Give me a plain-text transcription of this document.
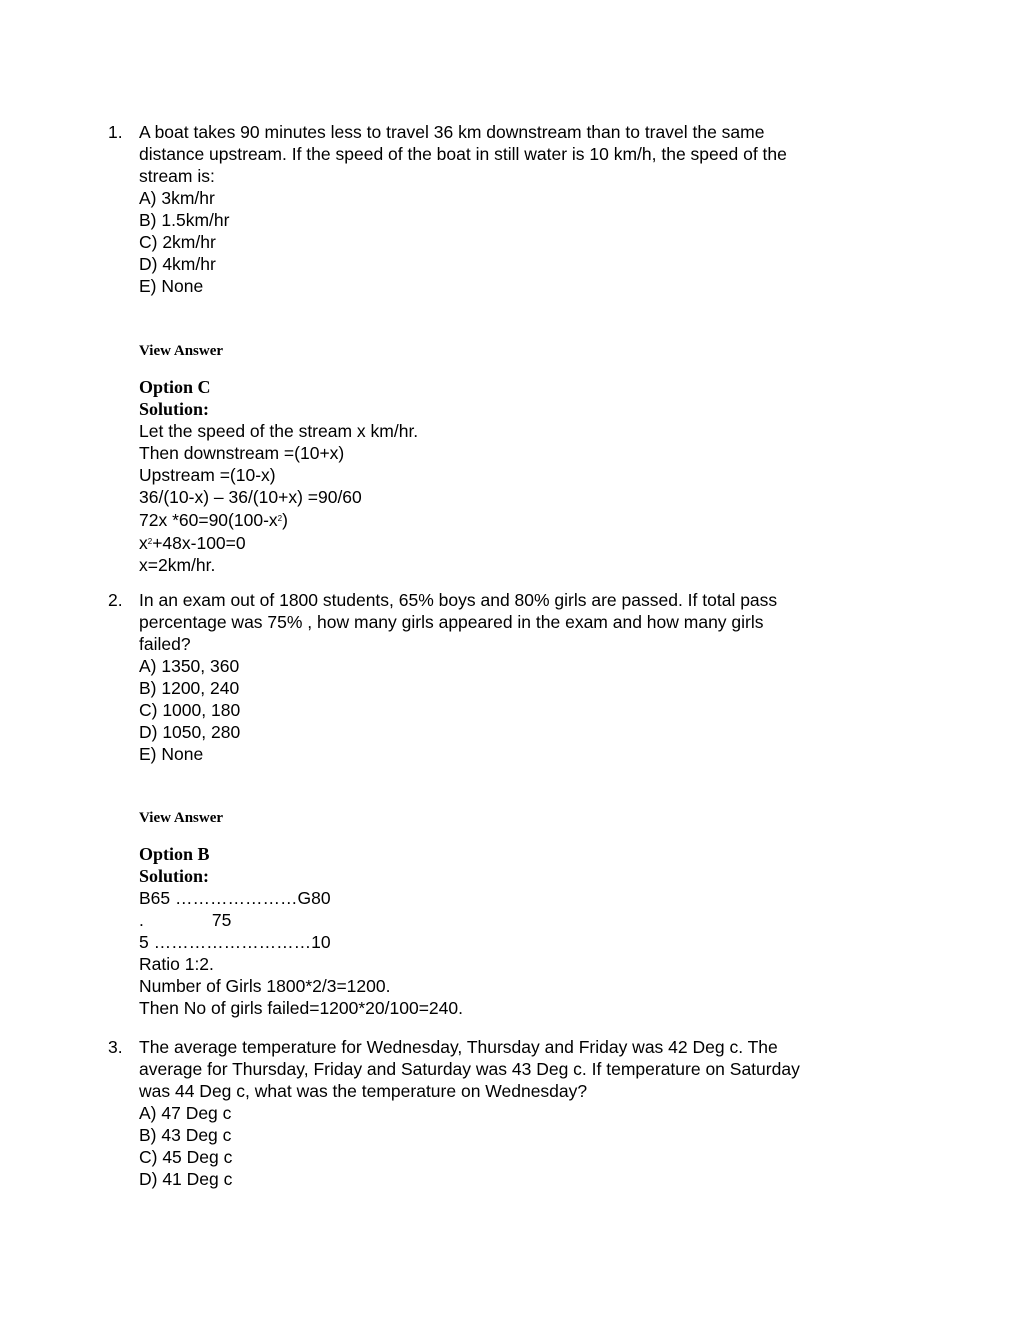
1. A boat takes 90 minutes less to travel 36 km downstream than to travel the same
distance upstream. If the speed of the boat in still water is 10 km/h, the speed of the
stream is:
A) 3km/hr
B) 1.5km/hr
C) 2km/hr
D) 4km/hr
E) None
View Answer
Option C
Solution:
Let the speed of the stream x km/hr.
Then downstream =(10+x)
Upstream =(10-x)
36/(10-x) – 36/(10+x) =90/60
72x $*60=90(100-x^2)$
$x^2+48x-100=0$
x=2km/hr.
2. In an exam out of 1800 students, 65% boys and 80% girls are passed. If total pass
percentage was 75% , how many girls appeared in the exam and how many girls
failed?
A) 1350, 360
B) 1200, 240
C) 1000, 180
D) 1050, 280
E) None
View Answer
Option B
Solution:
B65 …………………G80
.              75
5 ………………………10
Ratio 1:2.
Number of Girls 1800*2/3=1200.
Then No of girls failed=1200*20/100=240.
3. The average temperature for Wednesday, Thursday and Friday was 42 Deg c. The
average for Thursday, Friday and Saturday was 43 Deg c. If temperature on Saturday
was 44 Deg c, what was the temperature on Wednesday?
A) 47 Deg c
B) 43 Deg c
C) 45 Deg c
D) 41 Deg c
